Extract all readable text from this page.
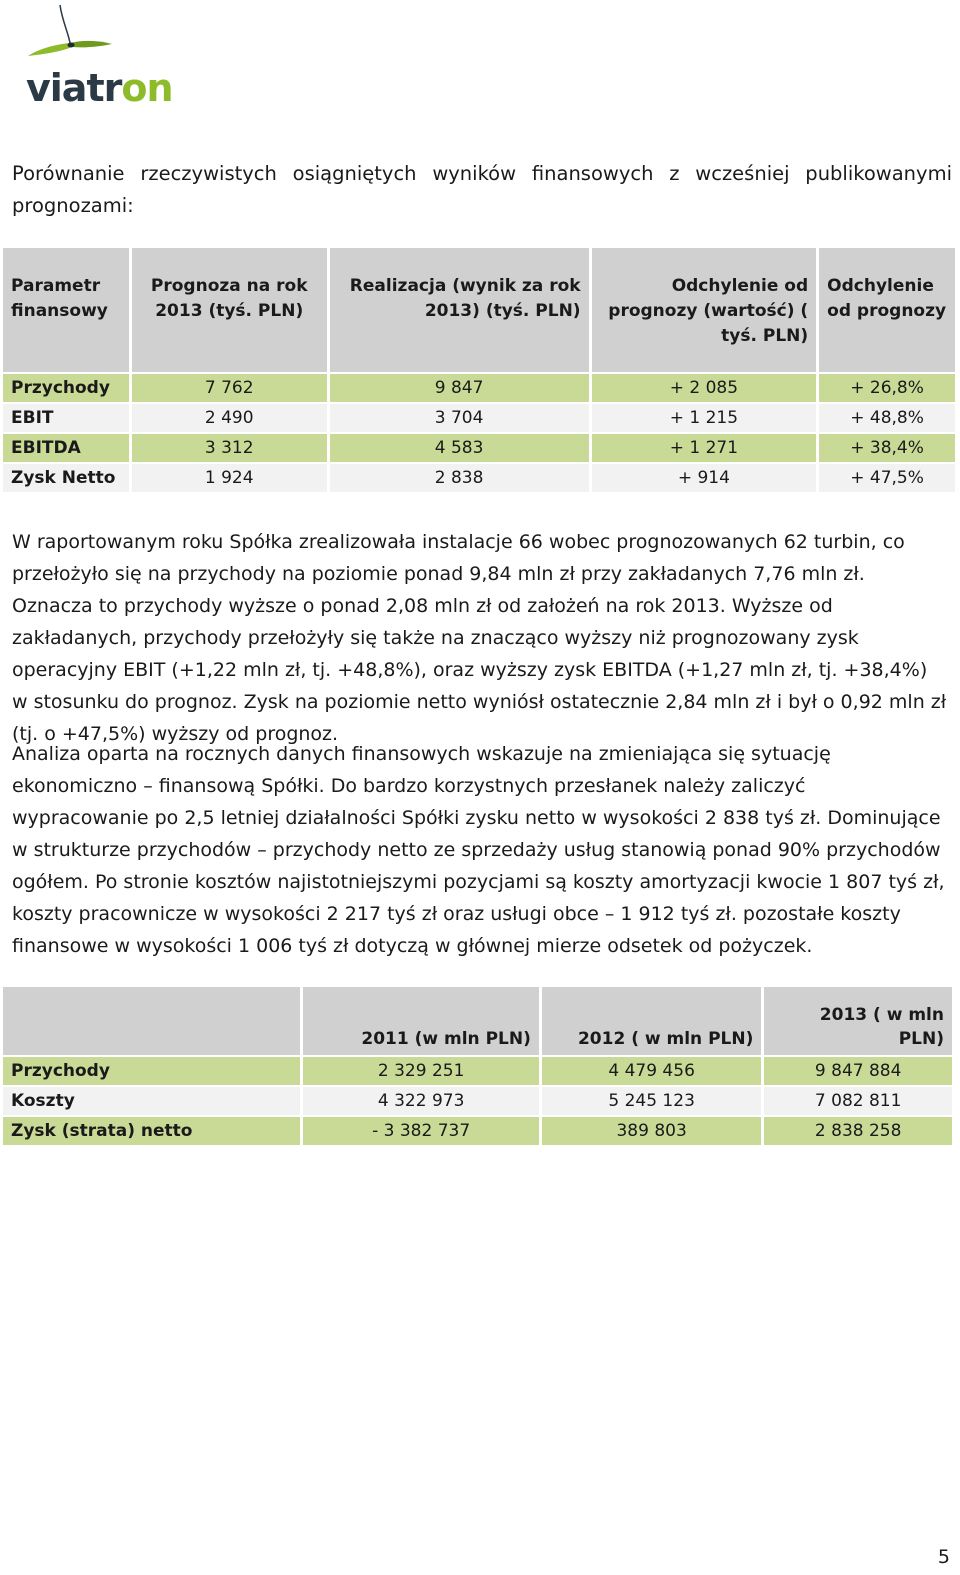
viatron
Porównanie rzeczywistych osiągniętych wyników finansowych z wcześniej publikowanymi prognozami:
Parametr finansowy	Prognoza na rok 2013 (tyś. PLN)	Realizacja (wynik za rok 2013) (tyś. PLN)	Odchylenie od prognozy (wartość) ( tyś. PLN)	Odchylenie od prognozy
Przychody	7 762	9 847	+ 2 085	+ 26,8%
EBIT	2 490	3 704	+ 1 215	+ 48,8%
EBITDA	3 312	4 583	+ 1 271	+ 38,4%
Zysk Netto	1 924	2 838	+ 914	+ 47,5%
W raportowanym roku Spółka zrealizowała instalacje 66 wobec prognozowanych 62 turbin, co przełożyło się na przychody na poziomie ponad 9,84 mln zł przy zakładanych 7,76 mln zł. Oznacza to przychody wyższe o ponad 2,08 mln zł od założeń na rok 2013. Wyższe od zakładanych, przychody przełożyły się także na znacząco wyższy niż prognozowany zysk operacyjny EBIT (+1,22 mln zł, tj. +48,8%), oraz wyższy zysk EBITDA (+1,27 mln zł, tj. +38,4%) w stosunku do prognoz. Zysk na poziomie netto wyniósł ostatecznie 2,84 mln zł i był o 0,92 mln zł (tj. o +47,5%) wyższy od prognoz.
Analiza oparta na rocznych danych finansowych wskazuje na zmieniająca się sytuację ekonomiczno – finansową Spółki. Do bardzo korzystnych przesłanek należy zaliczyć wypracowanie po 2,5 letniej działalności Spółki zysku netto w wysokości 2 838 tyś zł. Dominujące w strukturze przychodów – przychody netto ze sprzedaży usług stanowią ponad 90% przychodów ogółem. Po stronie kosztów najistotniejszymi pozycjami są koszty amortyzacji kwocie 1 807 tyś zł, koszty pracownicze w wysokości 2 217 tyś zł oraz usługi obce – 1 912 tyś zł. pozostałe koszty finansowe w wysokości 1 006 tyś zł dotyczą w głównej mierze odsetek od pożyczek.
	2011 (w mln PLN)	2012 ( w mln PLN)	2013 ( w mln PLN)
Przychody	2 329 251	4 479 456	9 847 884
Koszty	4 322 973	5 245 123	7 082 811
Zysk (strata) netto	- 3 382 737	389 803	2 838 258
5
